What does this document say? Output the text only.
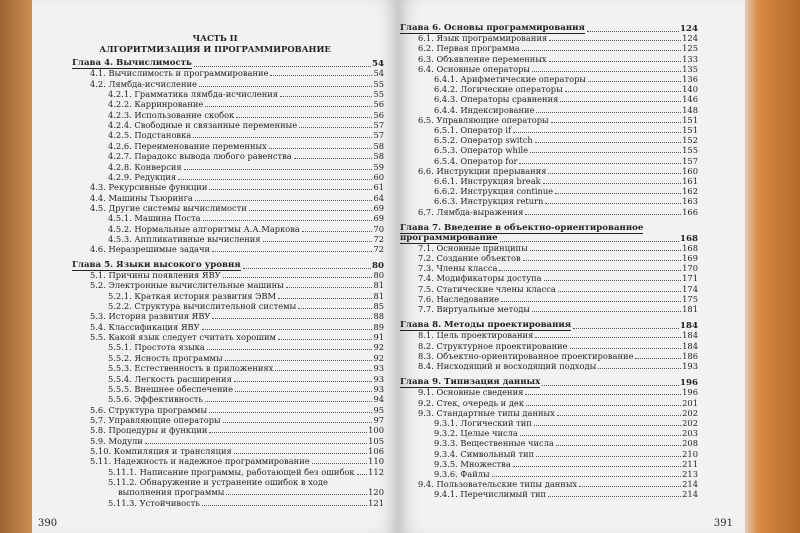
ЧАСТЬ II
АЛГОРИТМИЗАЦИЯ И ПРОГРАММИРОВАНИЕ
Глава 4. Вычислимость	54
4.1. Вычислимость и программирование	54
4.2. Лямбда-исчисление	55
4.2.1. Грамматика лямбда-исчисления	55
4.2.2. Карринрование	56
4.2.3. Использование скобок	56
4.2.4. Свободные и связанные переменные	57
4.2.5. Подстановка	57
4.2.6. Переименование переменных	58
4.2.7. Парадокс вывода любого равенства	58
4.2.8. Конверсия	59
4.2.9. Редукция	60
4.3. Рекурсивные функции	61
4.4. Машины Тьюринга	64
4.5. Другие системы вычислимости	69
4.5.1. Машина Поста	69
4.5.2. Нормальные алгоритмы А.А.Маркова	70
4.5.3. Аппликативные вычисления	72
4.6. Неразрешимые задачи	72
Глава 5. Языки высокого уровня	80
5.1. Причины появления ЯВУ	80
5.2. Электронные вычислительные машины	81
5.2.1. Краткая история развития ЭВМ	81
5.2.2. Структура вычислительной системы	85
5.3. История развития ЯВУ	88
5.4. Классификация ЯВУ	89
5.5. Какой язык следует считать хорошим	91
5.5.1. Простота языка	92
5.5.2. Ясность программы	92
5.5.3. Естественность в приложениях	93
5.5.4. Легкость расширения	93
5.5.5. Внешнее обеспечение	93
5.5.6. Эффективность	94
5.6. Структура программы	95
5.7. Управляющие операторы	97
5.8. Процедуры и функции	100
5.9. Модули	105
5.10. Компиляция и трансляция	106
5.11. Надежность и надежное программирование	110
5.11.1. Написание программы, работающей без ошибок 112
5.11.2. Обнаружение и устранение ошибок в ходе
выполнения программы	120
5.11.3. Устойчивость	121
390
Глава 6. Основы программирования	124
6.1. Язык программирования	124
6.2. Первая программа	125
6.3. Объявление переменных	133
6.4. Основные операторы	135
6.4.1. Арифметические операторы	136
6.4.2. Логические операторы	140
6.4.3. Операторы сравнения	146
6.4.4. Индексирование	148
6.5. Управляющие операторы	151
6.5.1. Оператор if	151
6.5.2. Оператор switch	152
6.5.3. Оператор while	155
6.5.4. Оператор for	157
6.6. Инструкции прерывания	160
6.6.1. Инструкция break	161
6.6.2. Инструкция continue	162
6.6.3. Инструкция return	163
6.7. Лямбда-выражения	166
Глава 7. Введение в объектно-ориентированное
программирование	168
7.1. Основные принципы	168
7.2. Создание объектов	169
7.3. Члены класса	170
7.4. Модификаторы доступа	171
7.5. Статические члены класса	174
7.6. Наследование	175
7.7. Виртуальные методы	181
Глава 8. Методы проектирования	184
8.1. Цель проектирования	184
8.2. Структурное проектирование	184
8.3. Объектно-ориентированное проектирование	186
8.4. Нисходящий и восходящий подходы	193
Глава 9. Типизация данных	196
9.1. Основные сведения	196
9.2. Стек, очередь и дек	201
9.3. Стандартные типы данных	202
9.3.1. Логический тип	202
9.3.2. Целые числа	203
9.3.3. Вещественные числа	208
9.3.4. Символьный тип	210
9.3.5. Множества	211
9.3.6. Файлы	213
9.4. Пользовательские типы данных	214
9.4.1. Перечислимый тип	214
391
